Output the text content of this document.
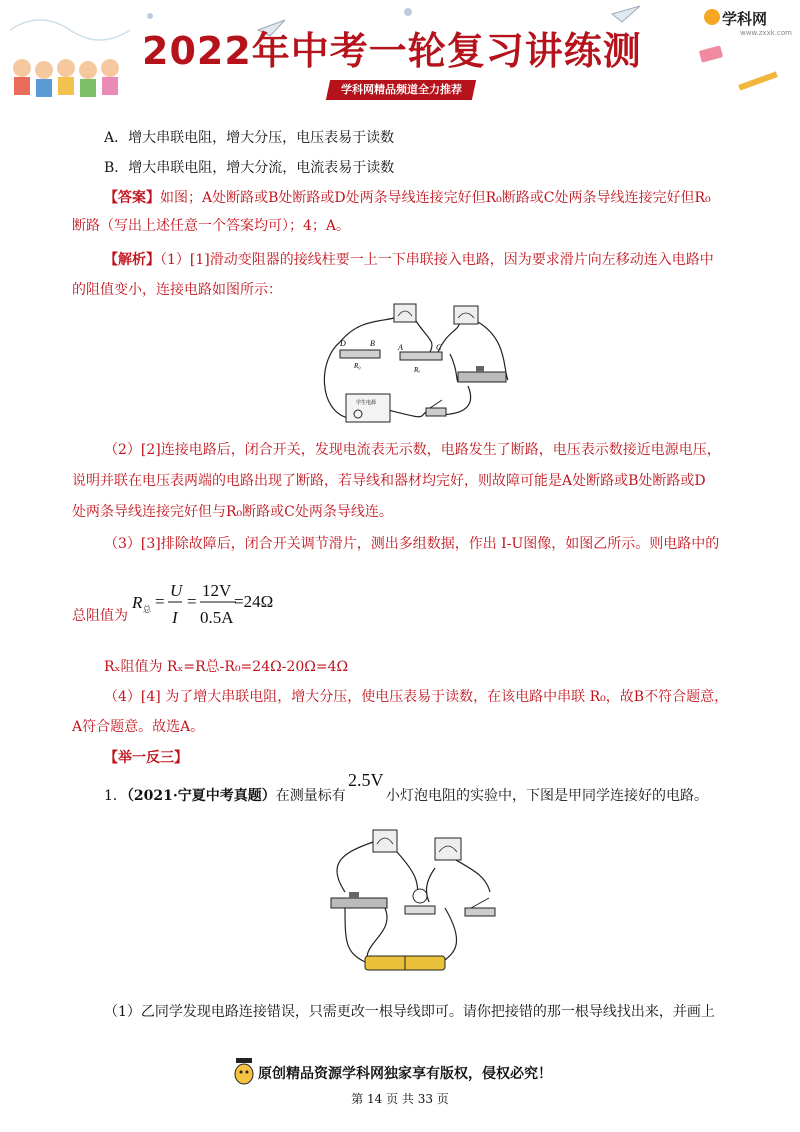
2022年中考一轮复习讲练测
学科网精品频道全力推荐
学科网
www.zxxk.com
A．增大串联电阻，增大分压，电压表易于读数
B．增大串联电阻，增大分流，电流表易于读数
【答案】如图；A处断路或B处断路或D处两条导线连接完好但R₀断路或C处两条导线连接完好但R₀
断路（写出上述任意一个答案均可）；4；A。
【解析】（1）[1]滑动变阻器的接线柱要一上一下串联接入电路，因为要求滑片向左移动连入电路中
的阻值变小，连接电路如图所示：
D	B
R₀
A	C
Rₓ
学生电源
（2）[2]连接电路后，闭合开关，发现电流表无示数，电路发生了断路，电压表示数接近电源电压，
说明并联在电压表两端的电路出现了断路，若导线和器材均完好，则故障可能是A处断路或B处断路或D
处两条导线连接完好但与R₀断路或C处两条导线连。
（3）[3]排除故障后，闭合开关调节滑片，测出多组数据，作出 I-U图像，如图乙所示。则电路中的
总阻值为
R 总 =
U
I
=
12V
0.5A
=24Ω
Rₓ阻值为 Rₓ=R总-R₀=24Ω-20Ω=4Ω
（4）[4] 为了增大串联电阻，增大分压，使电压表易于读数，在该电路中串联 R₀，故B不符合题意，
A符合题意。故选A。
【举一反三】
1．（2021·宁夏中考真题）在测量标有
2.5V
小灯泡电阻的实验中，下图是甲同学连接好的电路。
（1）乙同学发现电路连接错误，只需更改一根导线即可。请你把接错的那一根导线找出来，并画上
原创精品资源学科网独家享有版权，侵权必究！
第 14 页 共 33 页
